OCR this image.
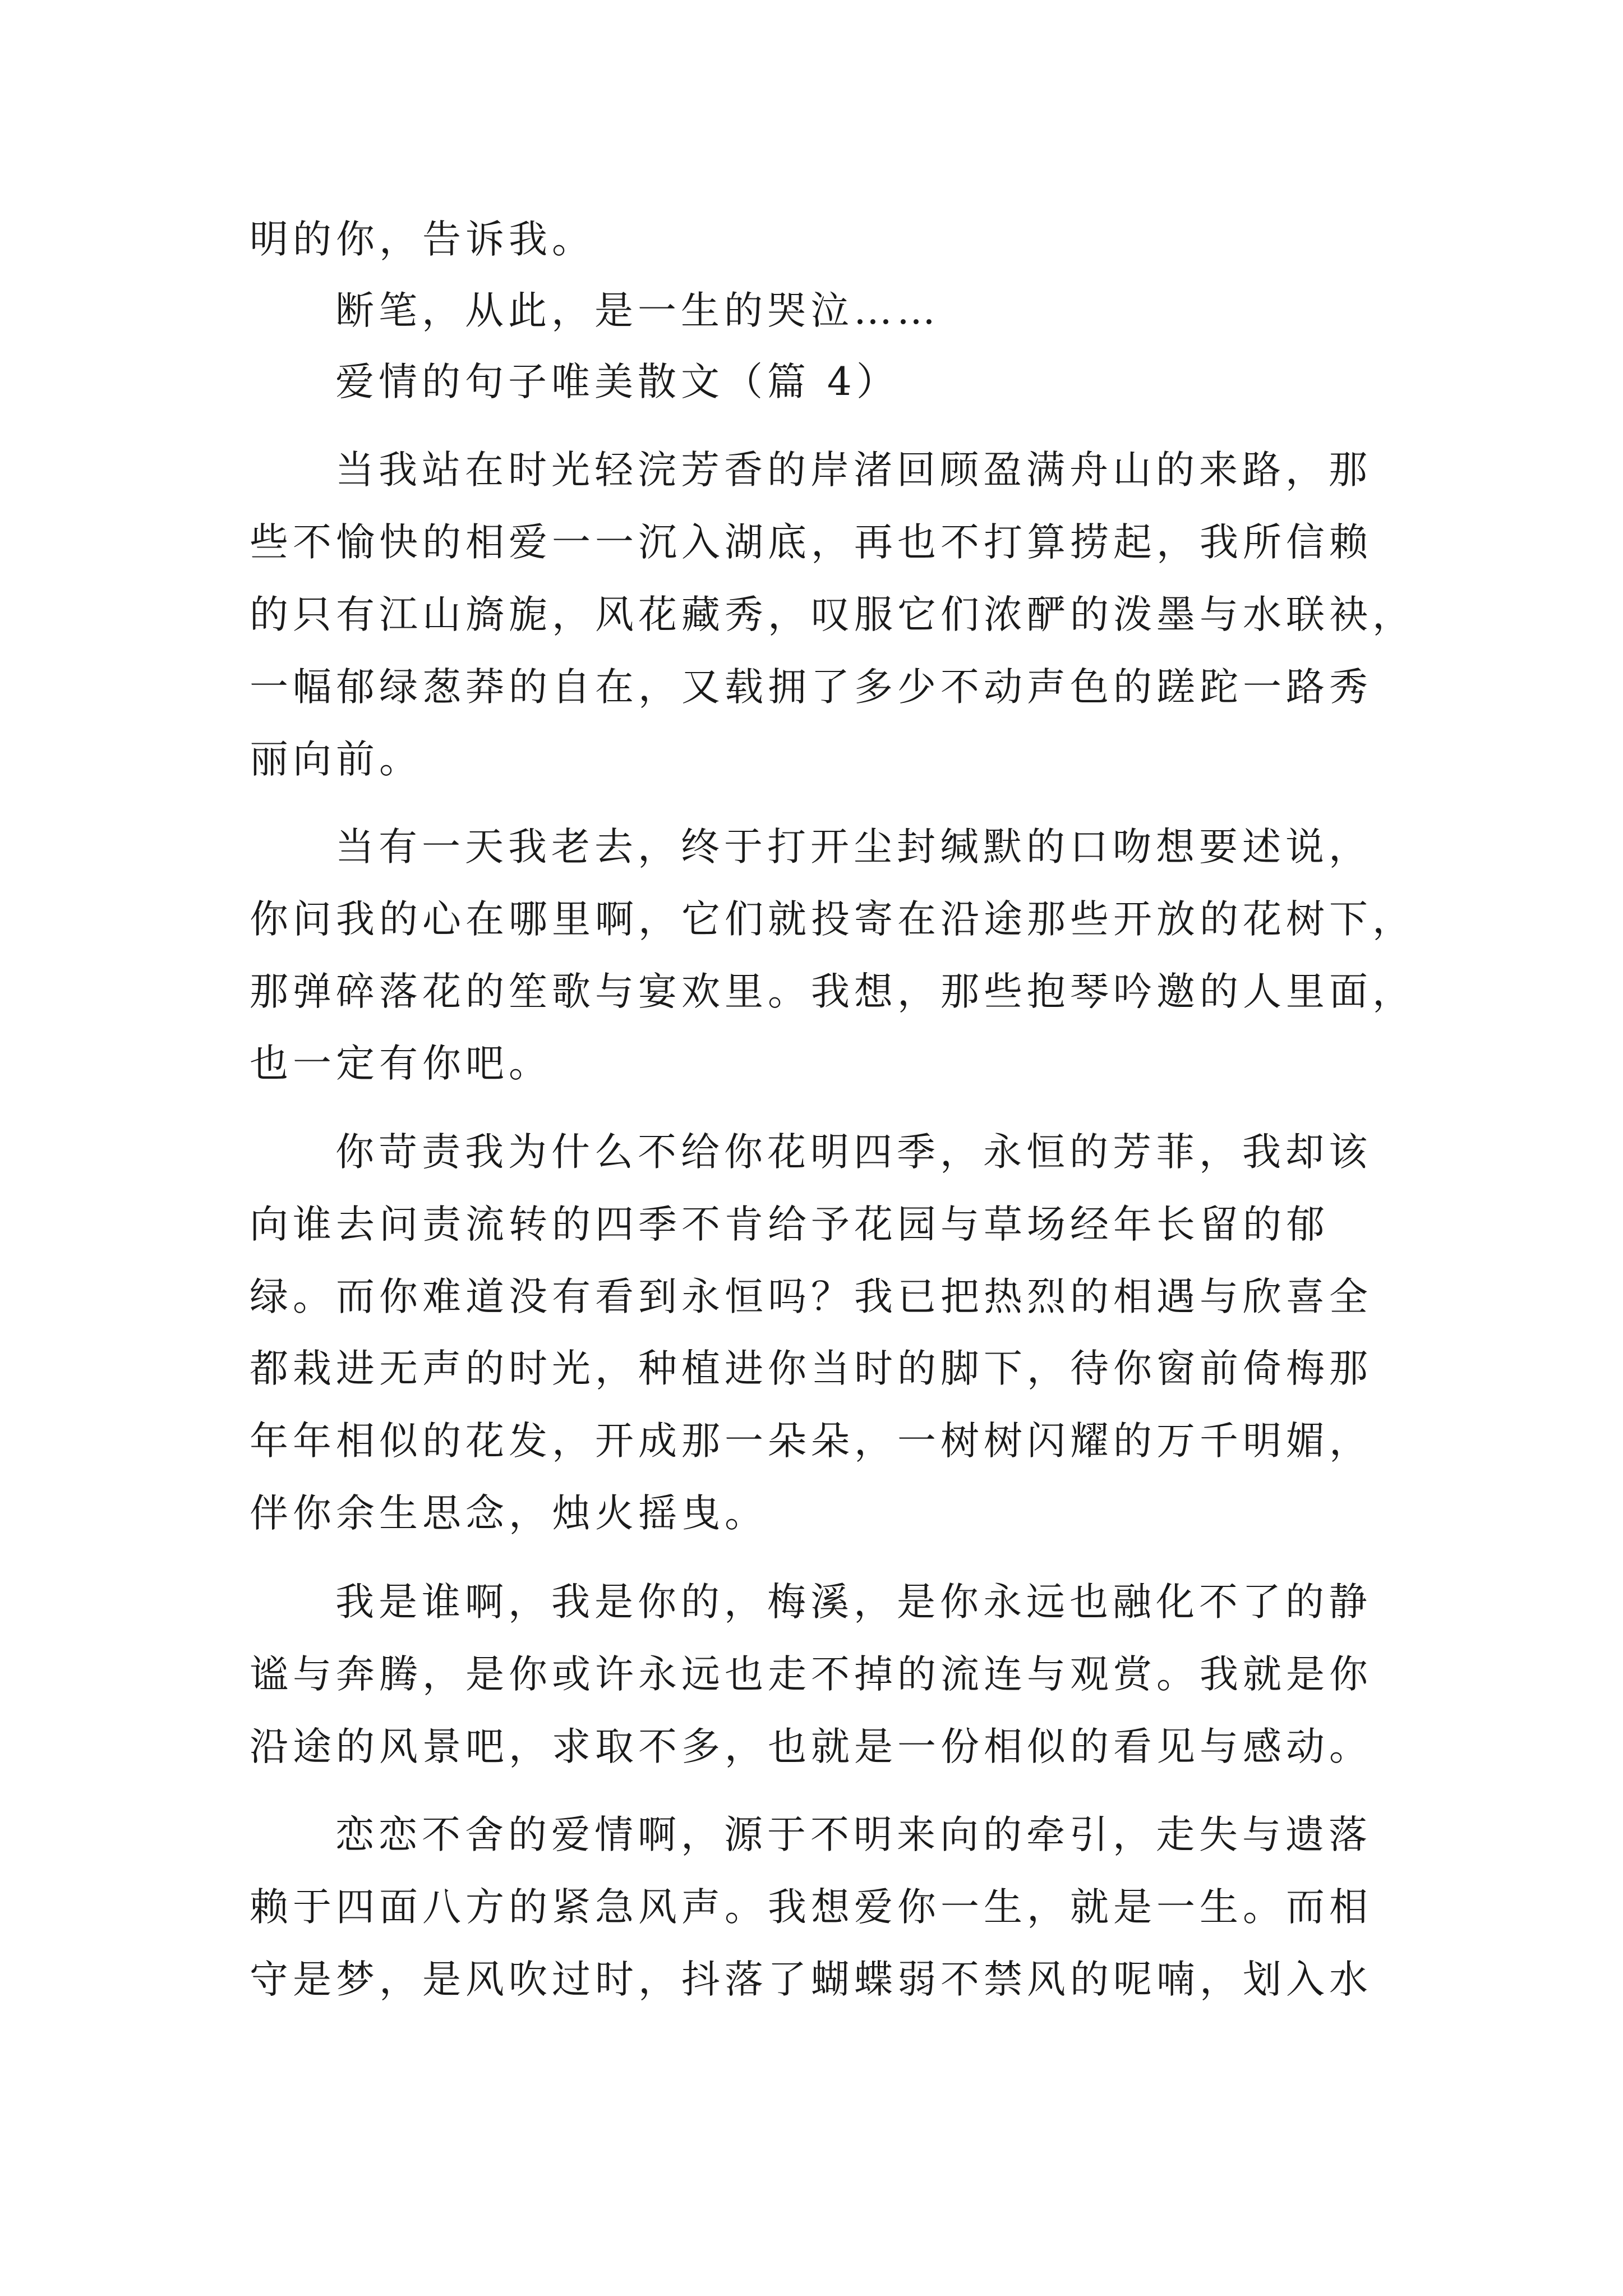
明的你，告诉我。
断笔，从此，是一生的哭泣……
爱情的句子唯美散文（篇 4）
当我站在时光轻浣芳香的岸渚回顾盈满舟山的来路，那
些不愉快的相爱一一沉入湖底，再也不打算捞起，我所信赖
的只有江山旖旎，风花藏秀，叹服它们浓酽的泼墨与水联袂，
一幅郁绿葱莽的自在，又载拥了多少不动声色的蹉跎一路秀
丽向前。
当有一天我老去，终于打开尘封缄默的口吻想要述说，
你问我的心在哪里啊，它们就投寄在沿途那些开放的花树下，
那弹碎落花的笙歌与宴欢里。我想，那些抱琴吟邀的人里面，
也一定有你吧。
你苛责我为什么不给你花明四季，永恒的芳菲，我却该
向谁去问责流转的四季不肯给予花园与草场经年长留的郁
绿。而你难道没有看到永恒吗？我已把热烈的相遇与欣喜全
都栽进无声的时光，种植进你当时的脚下，待你窗前倚梅那
年年相似的花发，开成那一朵朵，一树树闪耀的万千明媚，
伴你余生思念，烛火摇曳。
我是谁啊，我是你的，梅溪，是你永远也融化不了的静
谧与奔腾，是你或许永远也走不掉的流连与观赏。我就是你
沿途的风景吧，求取不多，也就是一份相似的看见与感动。
恋恋不舍的爱情啊，源于不明来向的牵引，走失与遗落
赖于四面八方的紧急风声。我想爱你一生，就是一生。而相
守是梦，是风吹过时，抖落了蝴蝶弱不禁风的呢喃，划入水
